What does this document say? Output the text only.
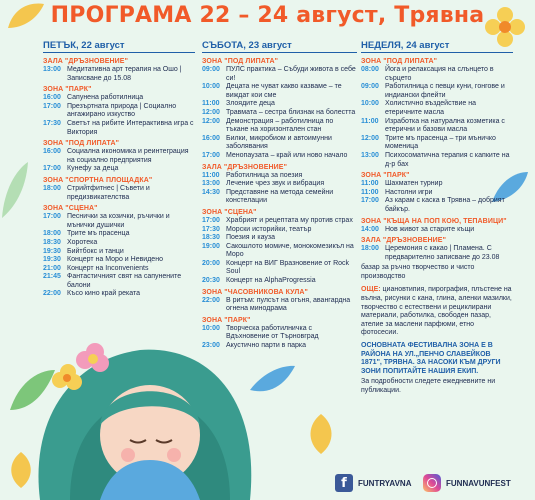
ПРОГРАМА 22 – 24 август, Трявна
ПЕТЪК, 22 август
ЗАЛА "ДРЪЗНОВЕНИЕ"
13:00 Медитативна арт терапия на Ошо | Записване до 15.08
ЗОНА "ПАРК"
16:00 Сапунена работилница
17:00 Презъртната природа | Социално ангажирано изкуство
17:30 Светът на рибите Интерактивна игра с Виктория
ЗОНА "ПОД ЛИПАТА"
16:00 Социална икономика и реинтеграция на социално предприятия
17:00 Кунефу за деца
ЗОНА "СПОРТНА ПЛОЩАДКА"
18:00 Стрийтфитнес | Съвети и предизвикателства
ЗОНА "СЦЕНА"
17:00 Песнички за козички, ръчички и мънички душички
18:00 Трите мъ прасенца
18:30 Хоротека
19:30 Бийтбокс и танци
19:30 Концерт на Моро и Невидено
21:00 Концерт на Inconvenients
21:45 Фантастичният свят на сапунените балони
22:00 Късо кино край реката
СЪБОТА, 23 август
ЗОНА "ПОД ЛИПАТА"
09:00 ПУЛС практика – Събуди живота в себе си!
10:00 Децата не чуват какво казваме – те виждат кои сме
11:00 Злоядите деца
12:00 Травмата – сестра близнак на болестта
12:00 Демонстрация – работилница по тъкане на хоризонтален стан
16:00 Билки, микробиом и автоимунни заболявания
17:00 Менопаузата – край или ново начало
ЗАЛА "ДРЪЗНОВЕНИЕ"
11:00 Работилница за поезия
13:00 Лечение чрез звук и вибрация
14:30 Представяне на метода семейни констелации
ЗОНА "СЦЕНА"
17:00 Храбрият и рецептата му против страх
17:30 Морски историйки, театър
18:30 Поезия и кауза
19:00 Сакошлото момиче, монокомезикъл на Моро
20:00 Концерт на ВИГ Вразновение от Rock Soul
20:30 Концерт на AlphaProgressia
ЗОНА "ЧАСОВНИКОВА КУЛА"
22:00 В ритъм: пулсът на огъня, авангардна огнена минодрама
ЗОНА "ПАРК"
10:00 Творческа работилничка с Вдъхновение от Търновград
23:00 Акустично парти в парка
НЕДЕЛЯ, 24 август
ЗОНА "ПОД ЛИПАТА"
08:00 Йога и релаксация на слънцето в сърцето
09:00 Работилница с певци куни, гонгове и индиански флейти
10:00 Холистично въздействие на етеричните масла
11:00 Изработка на натурална козметика с етерични и базови масла
12:00 Трите мъ прасенца – три мъничко моменица
13:00 Психосоматична терапия с капките на д-р бах
ЗОНА "ПАРК"
11:00 Шахматен турнир
11:00 Настолни игри
17:00 Аз карам с каска в Трявна – добрият байкър.
ЗОНА "КЪЩА НА ПОП КОЮ, ТЕПАВИЦИ"
14:00 Нов живот за старите къщи
ЗАЛА "ДРЪЗНОВЕНИЕ"
18:00 Церемония с какао | Пламена. С предварително записване до 23.08
базар за ръчно творчество и чисто производство
ОЩЕ: циановтипия, пирография, плъстене на вълна, рисунки с кана, глина, аленки мазилки, творчество с естествени и рециклирани материали, работилка, свободен пазар, ателие за маслени парфюми, етно фотосесии.
ОСНОВНАТА ФЕСТИВАЛНА ЗОНА Е В РАЙОНА НА УЛ.„ПЕНЧО СЛАВЕЙКОВ 1871", ТРЯВНА. ЗА НАСОКИ КЪМ ДРУГИ ЗОНИ ПОПИТАЙТЕ НАШИЯ ЕКИП.
За подробности следете ежедневните ни публикации.
f	FUNTRYAVNA	FUNNAVUNFEST
